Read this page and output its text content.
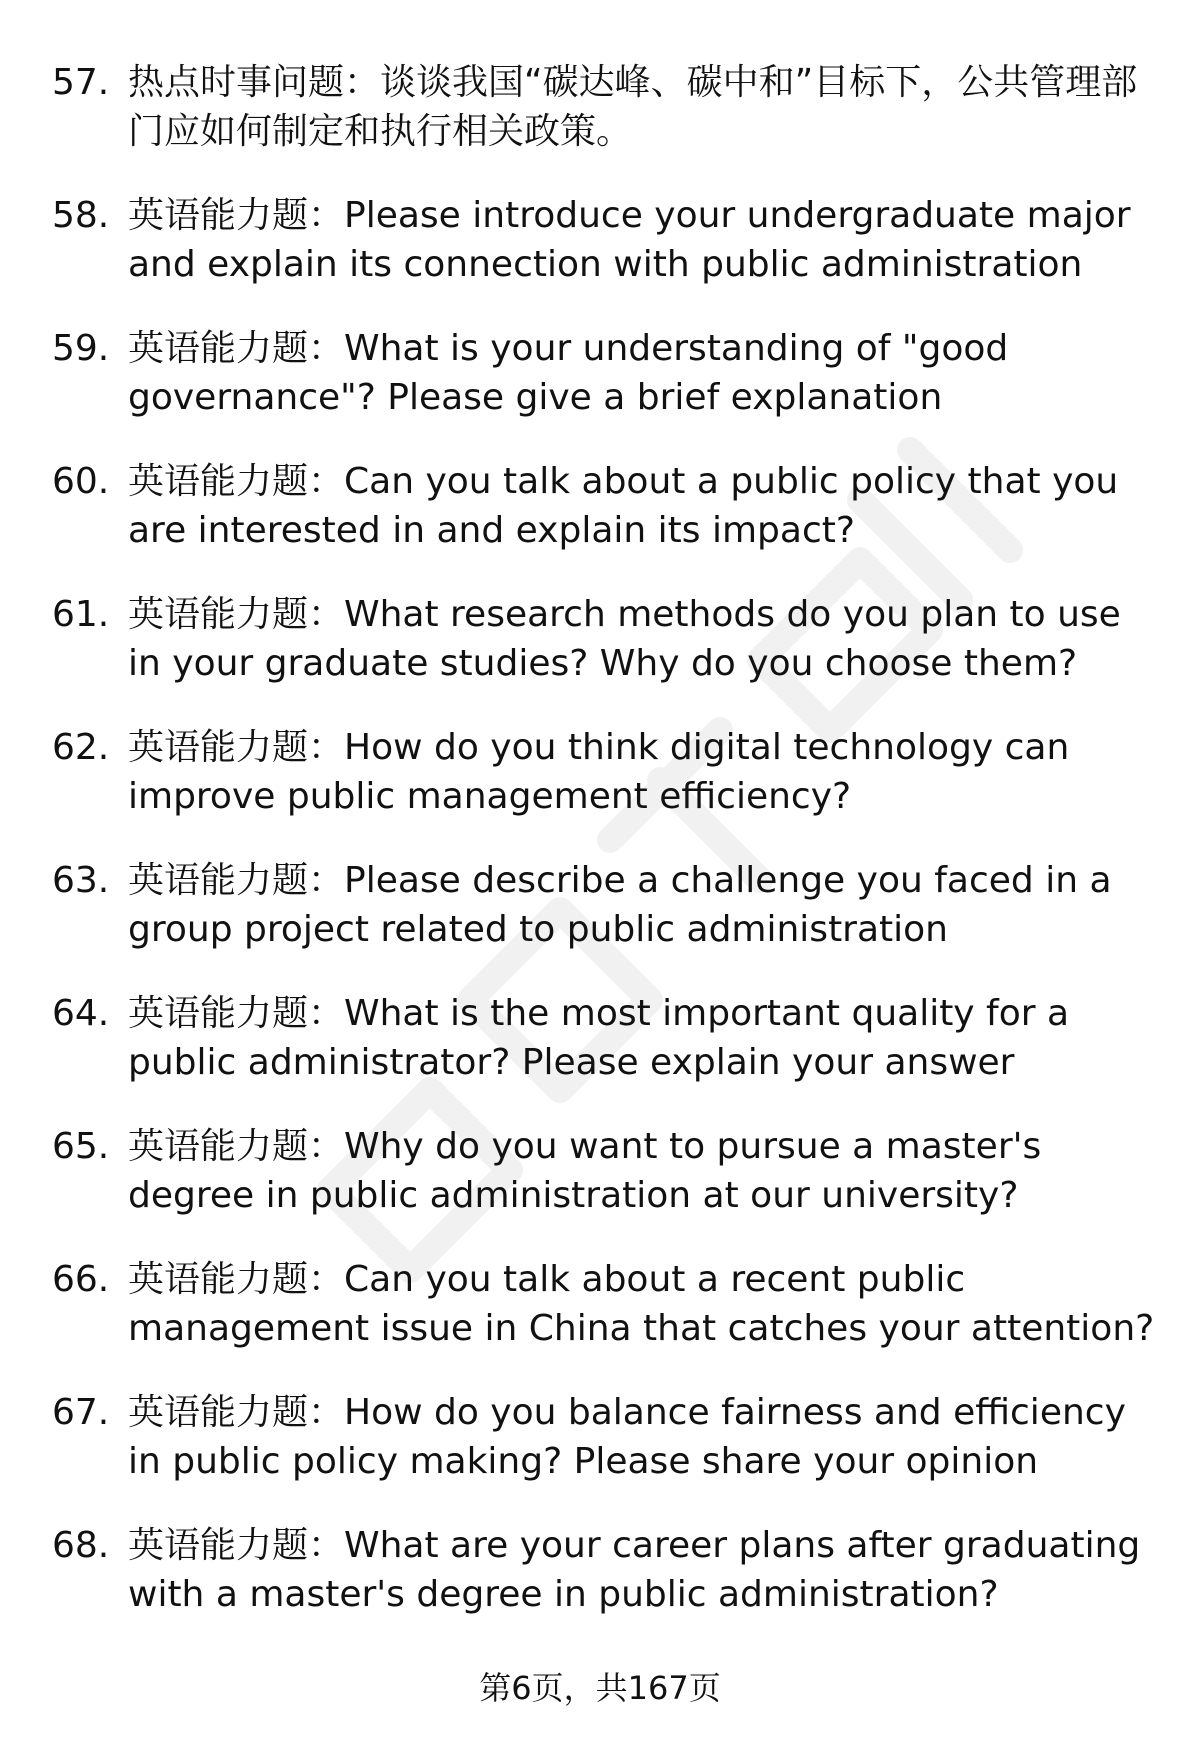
57. 热点时事问题：谈谈我国“碳达峰、碳中和”目标下，公共管理部门应如何制定和执行相关政策。
58. 英语能力题：Please introduce your undergraduate major and explain its connection with public administration
59. 英语能力题：What is your understanding of "good governance"? Please give a brief explanation
60. 英语能力题：Can you talk about a public policy that you are interested in and explain its impact?
61. 英语能力题：What research methods do you plan to use in your graduate studies? Why do you choose them?
62. 英语能力题：How do you think digital technology can improve public management efficiency?
63. 英语能力题：Please describe a challenge you faced in a group project related to public administration
64. 英语能力题：What is the most important quality for a public administrator? Please explain your answer
65. 英语能力题：Why do you want to pursue a master's degree in public administration at our university?
66. 英语能力题：Can you talk about a recent public management issue in China that catches your attention?
67. 英语能力题：How do you balance fairness and efficiency in public policy making? Please share your opinion
68. 英语能力题：What are your career plans after graduating with a master's degree in public administration?
第6页，共167页
